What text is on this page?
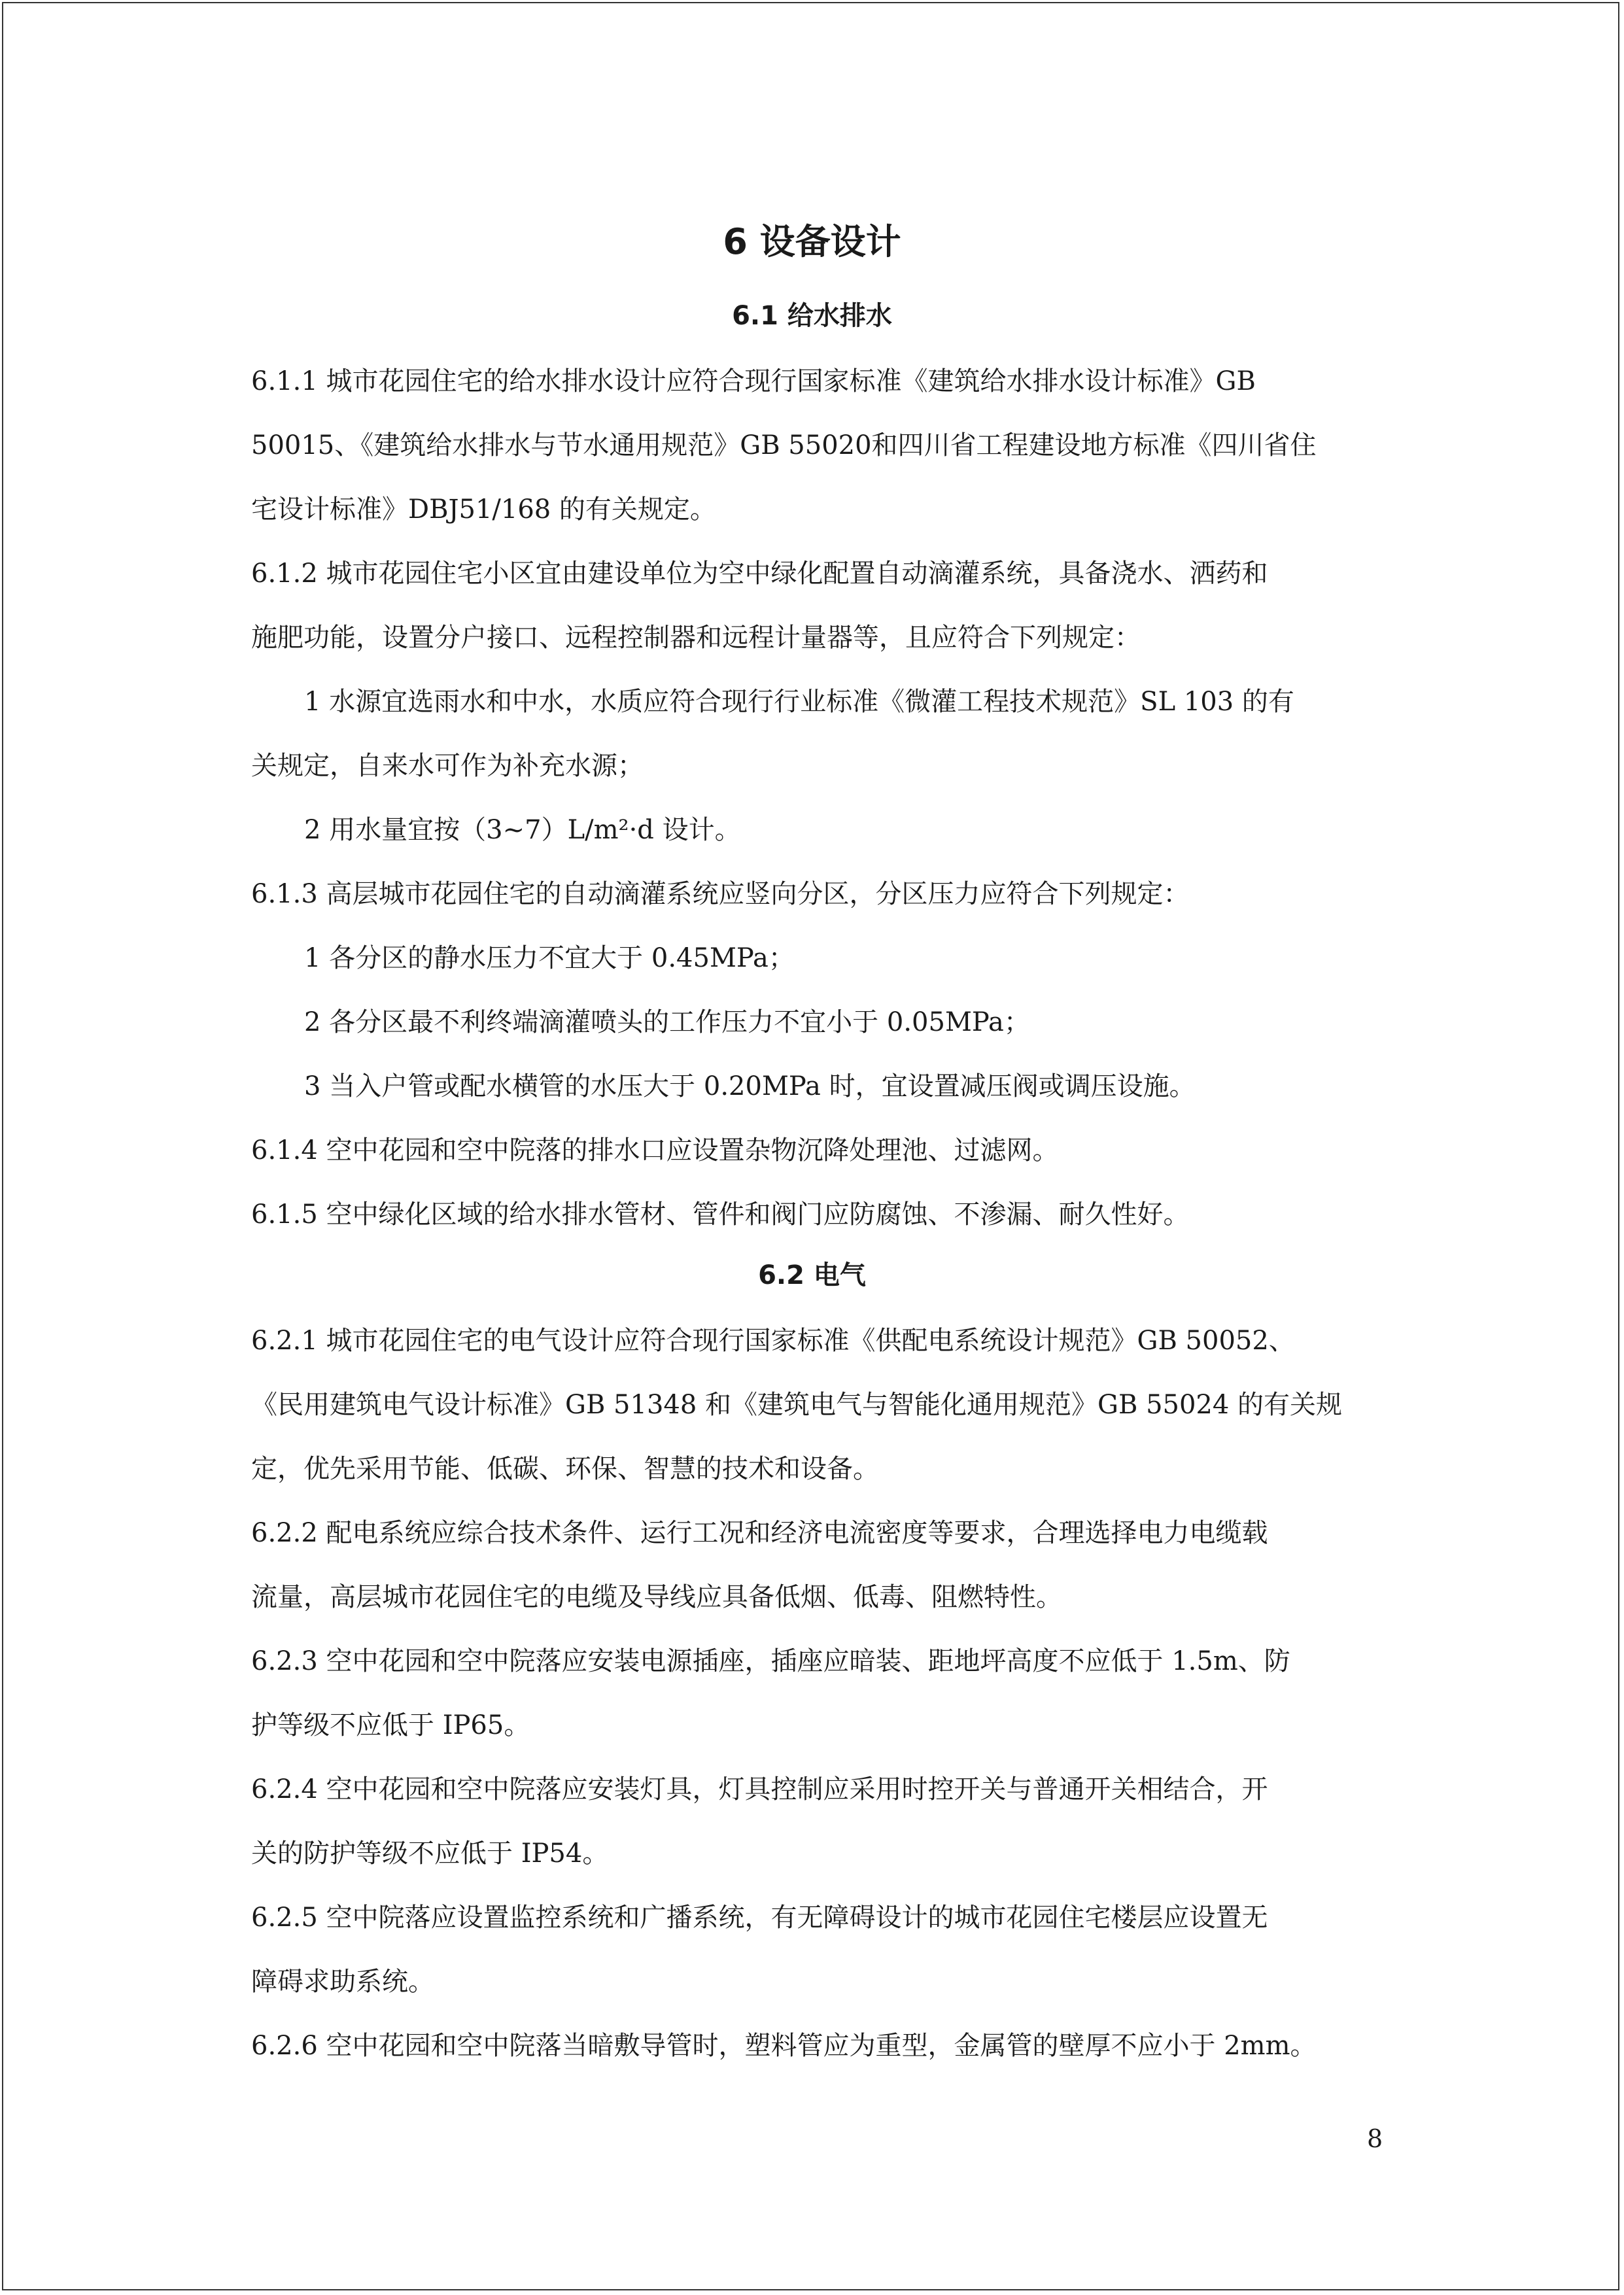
6 设备设计
6.1 给水排水
6.1.1 城市花园住宅的给水排水设计应符合现行国家标准《建筑给水排水设计标准》GB
50015、《建筑给水排水与节水通用规范》GB 55020和四川省工程建设地方标准《四川省住
宅设计标准》DBJ51/168 的有关规定。
6.1.2 城市花园住宅小区宜由建设单位为空中绿化配置自动滴灌系统，具备浇水、洒药和
施肥功能，设置分户接口、远程控制器和远程计量器等，且应符合下列规定：
1 水源宜选雨水和中水，水质应符合现行行业标准《微灌工程技术规范》SL 103 的有
关规定，自来水可作为补充水源；
2 用水量宜按（3~7）L/m²·d 设计。
6.1.3 高层城市花园住宅的自动滴灌系统应竖向分区，分区压力应符合下列规定：
1 各分区的静水压力不宜大于 0.45MPa；
2 各分区最不利终端滴灌喷头的工作压力不宜小于 0.05MPa；
3 当入户管或配水横管的水压大于 0.20MPa 时，宜设置减压阀或调压设施。
6.1.4 空中花园和空中院落的排水口应设置杂物沉降处理池、过滤网。
6.1.5 空中绿化区域的给水排水管材、管件和阀门应防腐蚀、不渗漏、耐久性好。
6.2 电气
6.2.1 城市花园住宅的电气设计应符合现行国家标准《供配电系统设计规范》GB 50052、
《民用建筑电气设计标准》GB 51348 和《建筑电气与智能化通用规范》GB 55024 的有关规
定，优先采用节能、低碳、环保、智慧的技术和设备。
6.2.2 配电系统应综合技术条件、运行工况和经济电流密度等要求，合理选择电力电缆载
流量，高层城市花园住宅的电缆及导线应具备低烟、低毒、阻燃特性。
6.2.3 空中花园和空中院落应安装电源插座，插座应暗装、距地坪高度不应低于 1.5m、防
护等级不应低于 IP65。
6.2.4 空中花园和空中院落应安装灯具，灯具控制应采用时控开关与普通开关相结合，开
关的防护等级不应低于 IP54。
6.2.5 空中院落应设置监控系统和广播系统，有无障碍设计的城市花园住宅楼层应设置无
障碍求助系统。
6.2.6 空中花园和空中院落当暗敷导管时，塑料管应为重型，金属管的壁厚不应小于 2mm。
8
